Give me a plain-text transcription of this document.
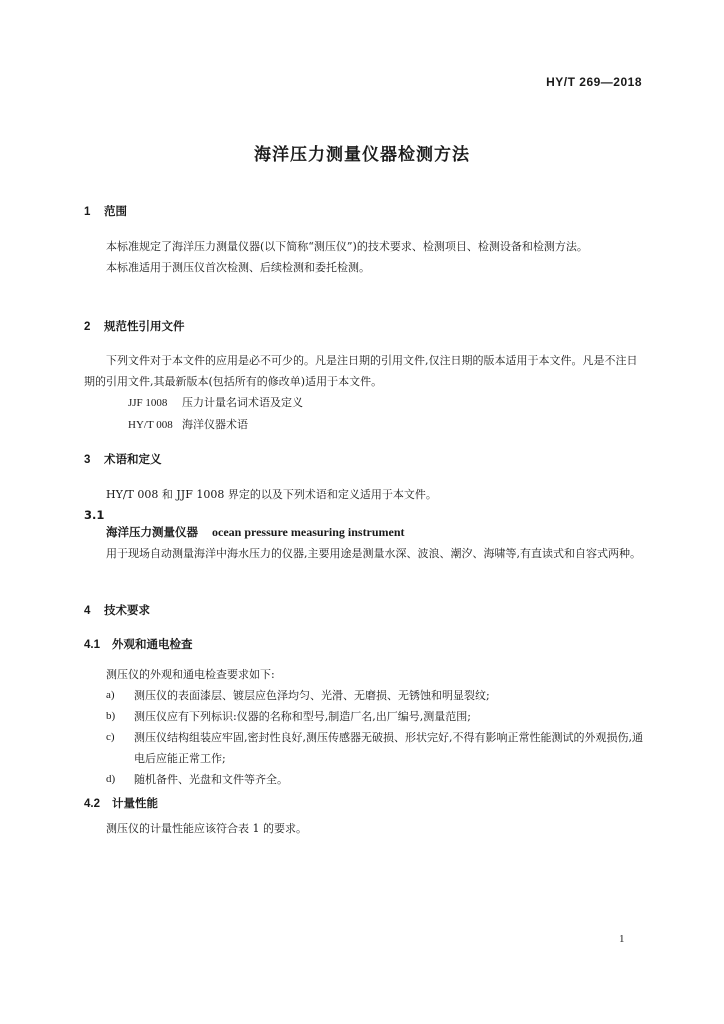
HY/T 269—2018
海洋压力测量仪器检测方法
1 范围
本标准规定了海洋压力测量仪器(以下简称“测压仪”)的技术要求、检测项目、检测设备和检测方法。
本标准适用于测压仪首次检测、后续检测和委托检测。
2 规范性引用文件
下列文件对于本文件的应用是必不可少的。凡是注日期的引用文件,仅注日期的版本适用于本文件。凡是不注日期的引用文件,其最新版本(包括所有的修改单)适用于本文件。
JJF 1008 压力计量名词术语及定义
HY/T 008 海洋仪器术语
3 术语和定义
HY/T 008 和 JJF 1008 界定的以及下列术语和定义适用于本文件。
3.1
海洋压力测量仪器 ocean pressure measuring instrument
用于现场自动测量海洋中海水压力的仪器,主要用途是测量水深、波浪、潮汐、海啸等,有直读式和自容式两种。
4 技术要求
4.1 外观和通电检查
测压仪的外观和通电检查要求如下:
a) 测压仪的表面漆层、镀层应色泽均匀、光滑、无磨损、无锈蚀和明显裂纹;
b) 测压仪应有下列标识:仪器的名称和型号,制造厂名,出厂编号,测量范围;
c) 测压仪结构组装应牢固,密封性良好,测压传感器无破损、形状完好,不得有影响正常性能测试的外观损伤,通电后应能正常工作;
d) 随机备件、光盘和文件等齐全。
4.2 计量性能
测压仪的计量性能应该符合表 1 的要求。
1
